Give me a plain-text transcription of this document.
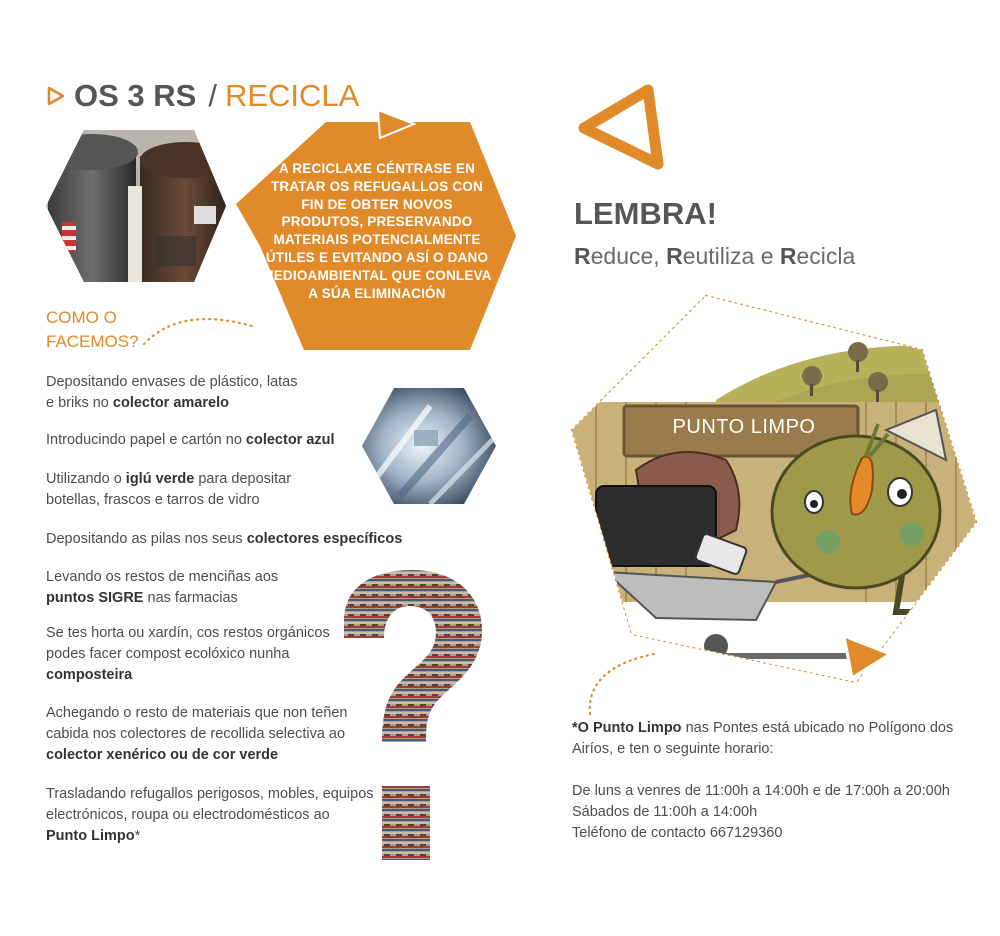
OS 3 RS / RECICLA
A RECICLAXE CÉNTRASE EN TRATAR OS REFUGALLOS CON FIN DE OBTER NOVOS PRODUTOS, PRESERVANDO MATERIAIS POTENCIALMENTE ÚTILES E EVITANDO ASÍ O DANO MEDIOAMBIENTAL QUE CONLEVA A SÚA ELIMINACIÓN
COMO O
FACEMOS?
Depositando envases de plástico, latas
e briks no colector amarelo
Introducindo papel e cartón no colector azul
Utilizando o iglú verde para depositar
botellas, frascos e tarros de vidro
Depositando as pilas nos seus colectores específicos
Levando os restos de menciñas aos
puntos SIGRE nas farmacias
Se tes horta ou xardín, cos restos orgánicos
podes facer compost ecolóxico nunha
composteira
Achegando o resto de materiais que non teñen
cabida nos colectores de recollida selectiva ao
colector xenérico ou de cor verde
Trasladando refugallos perigosos, mobles, equipos
electrónicos, roupa ou electrodomésticos ao
Punto Limpo*
LEMBRA!
Reduce, Reutiliza e Recicla
PUNTO LIMPO
*O Punto Limpo nas Pontes está ubicado no Polígono dos
Airíos, e ten o seguinte horario:
De luns a venres de 11:00h a 14:00h e de 17:00h a 20:00h
Sábados de 11:00h a 14:00h
Teléfono de contacto 667129360
